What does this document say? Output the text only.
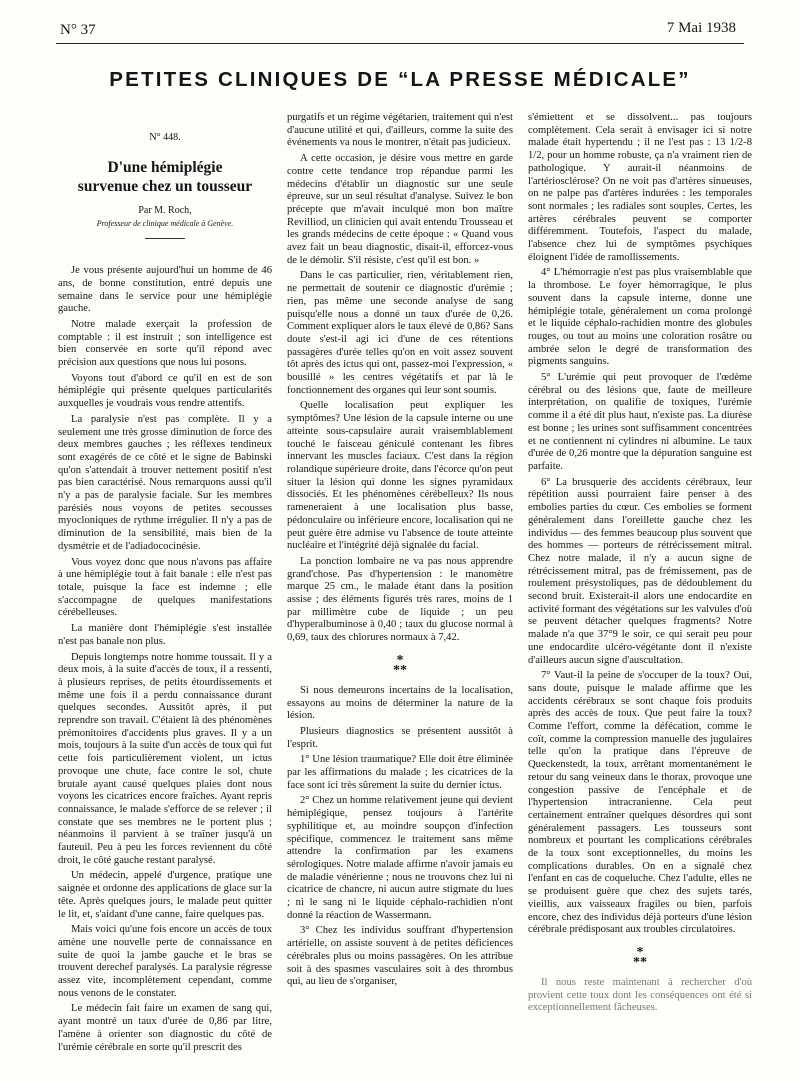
N° 37	7 Mai 1938
PETITES CLINIQUES DE “LA PRESSE MÉDICALE”
N° 448.
D'une hémiplégie
survenue chez un tousseur
Par M. Roch,
Professeur de clinique médicale à Genève.

Je vous présente aujourd'hui un homme de 46 ans, de bonne constitution, entré depuis une semaine dans le service pour une hémiplégie gauche.

Notre malade exerçait la profession de comptable : il est instruit ; son intelligence est bien conservée en sorte qu'il répond avec précision aux questions que nous lui posons.

Voyons tout d'abord ce qu'il en est de son hémiplégie qui présente quelques particularités auxquelles je voudrais vous rendre attentifs.

La paralysie n'est pas complète. Il y a seulement une très grosse diminution de force des deux membres gauches ; les réflexes tendineux sont exagérés de ce côté et le signe de Babinski qu'on s'attendait à trouver nettement positif n'est pas bien caractérisé. Nous remarquons aussi qu'il n'y a pas de paralysie faciale. Sur les membres parésiés nous voyons de petites secousses myocloniques de rythme irrégulier. Il n'y a pas de diminution de la sensibilité, mais bien de la dysmétrie et de l'adiadococinésie.

Vous voyez donc que nous n'avons pas affaire à une hémiplégie tout à fait banale : elle n'est pas totale, puisque la face est indemne ; elle s'accompagne de quelques manifestations cérébelleuses.

La manière dont l'hémiplégie s'est installée n'est pas banale non plus.

Depuis longtemps notre homme toussait. Il y a deux mois, à la suite d'accès de toux, il a ressenti, à plusieurs reprises, de petits étourdissements et même une fois il a perdu connaissance durant quelques secondes. Aussitôt après, il put reprendre son travail. C'étaient là des phénomènes prémonitoires d'accidents plus graves. Il y a un mois, toujours à la suite d'un accès de toux qui fut cette fois particulièrement violent, un ictus provoque une chute, face contre le sol, chute brutale ayant causé quelques plaies dont nous voyons les cicatrices encore fraîches. Ayant repris connaissance, le malade s'efforce de se relever ; il constate que ses membres ne le portent plus ; néanmoins il parvient à se traîner jusqu'à un fauteuil. Peu à peu les forces reviennent du côté droit, le côté gauche restant paralysé.

Un médecin, appelé d'urgence, pratique une saignée et ordonne des applications de glace sur la tête. Après quelques jours, le malade peut quitter le lit, et, s'aidant d'une canne, faire quelques pas.

Mais voici qu'une fois encore un accès de toux amène une nouvelle perte de connaissance en suite de quoi la jambe gauche et le bras se trouvent derechef paralysés. La paralysie régresse assez vite, incomplètement cependant, comme nous venons de le constater.

Le médecin fait faire un examen de sang qui, ayant montré un taux d'urée de 0,86 par litre, l'amène à orienter son diagnostic du côté de l'urémie cérébrale en sorte qu'il prescrit des

purgatifs et un régime végétarien, traitement qui n'est d'aucune utilité et qui, d'ailleurs, comme la suite des événements va nous le montrer, n'était pas judicieux.

A cette occasion, je désire vous mettre en garde contre cette tendance trop répandue parmi les médecins d'établir un diagnostic sur une seule épreuve, sur un seul résultat d'analyse. Suivez le bon précepte que m'avait inculqué mon bon maître Revilliod, un clinicien qui avait entendu Trousseau et les grands médecins de cette époque : « Quand vous avez fait un beau diagnostic, disait-il, efforcez-vous de le démolir. S'il résiste, c'est qu'il est bon. »

Dans le cas particulier, rien, véritablement rien, ne permettait de soutenir ce diagnostic d'urémie ; rien, pas même une seconde analyse de sang puisqu'elle nous a donné un taux d'urée de 0,26. Comment expliquer alors le taux élevé de 0,86? Sans doute s'est-il agi ici d'une de ces rétentions passagères d'urée telles qu'on en voit assez souvent tôt après des ictus qui ont, passez-moi l'expression, « bousillé » les centres végétatifs et par là le fonctionnement des organes qui leur sont soumis.

Quelle localisation peut expliquer les symptômes? Une lésion de la capsule interne ou une atteinte sous-capsulaire aurait vraisemblablement touché le faisceau géniculé contenant les fibres innervant les muscles faciaux. C'est dans la région rolandique supérieure droite, dans l'écorce qu'on peut situer la lésion qui donne les signes pyramidaux dissociés. Et les phénomènes cérébelleux? Ils nous rameneraient à une localisation plus basse, pédonculaire ou inférieure encore, localisation qui ne peut guère être admise vu l'absence de toute atteinte nucléaire et l'intégrité déjà signalée du facial.

La ponction lombaire ne va pas nous apprendre grand'chose. Pas d'hypertension : le manomètre marque 25 cm., le malade étant dans la position assise ; des éléments figurés très rares, moins de 1 par millimètre cube de liquide ; un peu d'hyperalbuminose à 0,40 ; taux du glucose normal à 0,69, taux des chlorures normaux à 7,42.

*
**

Si nous demeurons incertains de la localisation, essayons au moins de déterminer la nature de la lésion.

Plusieurs diagnostics se présentent aussitôt à l'esprit.

1° Une lésion traumatique? Elle doit être éliminée par les affirmations du malade ; les cicatrices de la face sont ici très sûrement la suite du dernier ictus.

2° Chez un homme relativement jeune qui devient hémiplégique, pensez toujours à l'artérite syphilitique et, au moindre soupçon d'infection spécifique, commencez le traitement sans même attendre la confirmation par les examens sérologiques. Notre malade affirme n'avoir jamais eu de maladie vénérienne ; nous ne trouvons chez lui ni cicatrice de chancre, ni aucun autre stigmate du lues ; ni le sang ni le liquide céphalo-rachidien n'ont donné la réaction de Wassermann.

3° Chez les individus souffrant d'hypertension artérielle, on assiste souvent à de petites déficiences cérébrales plus ou moins passagères. On les attribue soit à des spasmes vasculaires soit à des thrombus qui, au lieu de s'organiser,

s'émiettent et se dissolvent... pas toujours complètement. Cela serait à envisager ici si notre malade était hypertendu ; il ne l'est pas : 13 1/2-8 1/2, pour un homme robuste, ça n'a vraiment rien de pathologique. Y aurait-il néanmoins de l'artériosclérose? On ne voit pas d'artères sinueuses, on ne palpe pas d'artères indurées : les temporales sont normales ; les radiales sont souples. Certes, les artères cérébrales peuvent se comporter différemment. Toutefois, l'aspect du malade, l'absence chez lui de symptômes psychiques éloignent l'idée de ramollissements.

4° L'hémorragie n'est pas plus vraisemblable que la thrombose. Le foyer hémorragique, le plus souvent dans la capsule interne, donne une hémiplégie totale, généralement un coma prolongé et le liquide céphalo-rachidien montre des globules rouges, ou tout au moins une coloration rosâtre ou ambrée selon le degré de transformation des pigments sanguins.

5° L'urémie qui peut provoquer de l'œdème cérébral ou des lésions que, faute de meilleure interprétation, on qualifie de toxiques, l'urémie comme il a été dit plus haut, n'existe pas. La diurèse est bonne ; les urines sont suffisamment concentrées et ne contiennent ni cylindres ni albumine. Le taux d'urée de 0,26 montre que la dépuration sanguine est parfaite.

6° La brusquerie des accidents cérébraux, leur répétition aussi pourraient faire penser à des embolies parties du cœur. Ces embolies se forment généralement dans l'oreillette gauche chez les individus — des femmes beaucoup plus souvent que des hommes — porteurs de rétrécissement mitral. Chez notre malade, il n'y a aucun signe de rétrécissement mitral, pas de frémissement, pas de roulement présystoliques, pas de dédoublement du second bruit. Existerait-il alors une endocardite en activité formant des végétations sur les valvules d'où se peuvent détacher quelques fragments? Notre malade n'a que 37°9 le soir, ce qui serait peu pour une endocardite ulcéro-végétante dont il n'existe d'ailleurs aucun signe d'auscultation.

7° Vaut-il la peine de s'occuper de la toux? Oui, sans doute, puisque le malade affirme que les accidents cérébraux se sont chaque fois produits après des accès de toux. Que peut faire la toux? Comme l'effort, comme la défécation, comme le coït, comme la compression manuelle des jugulaires telle qu'on la pratique dans l'épreuve de Queckenstedt, la toux, arrêtant momentanément le retour du sang veineux dans le thorax, provoque une congestion passive de l'encéphale et de l'hypertension intracranienne. Cela peut certainement entraîner quelques désordres qui sont généralement passagers. Les tousseurs sont nombreux et pourtant les complications cérébrales de la toux sont exceptionnelles, du moins les complications durables. On en a signalé chez l'enfant en cas de coqueluche. Chez l'adulte, elles ne se produisent guère que chez des sujets tarés, vieillis, aux vaisseaux fragiles ou bien, parfois encore, chez des individus déjà porteurs d'une lésion cérébrale prédisposant aux troubles circulatoires.

*
**

Il nous reste maintenant à rechercher d'où provient cette toux dont les conséquences ont été si exceptionnellement fâcheuses.
